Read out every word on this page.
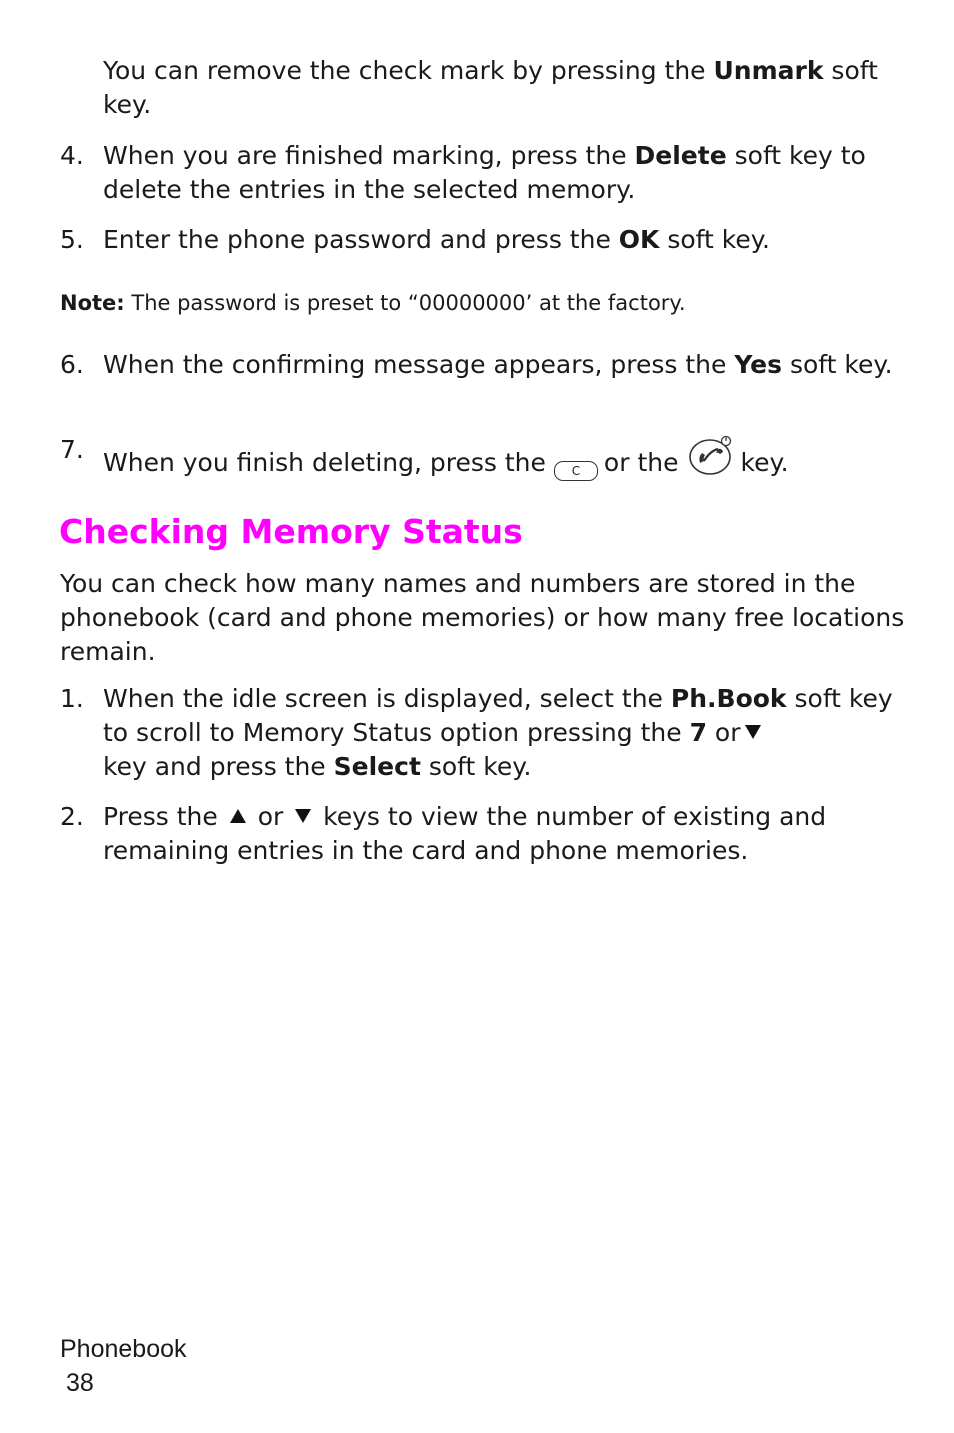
You can remove the check mark by pressing the Unmark soft key.

4. When you are finished marking, press the Delete soft key to delete the entries in the selected memory.
5. Enter the phone password and press the OK soft key.
Note: The password is preset to “00000000’ at the factory.
6. When the confirming message appears, press the Yes soft key.
7. When you finish deleting, press the C or the key.
Checking Memory Status

You can check how many names and numbers are stored in the phonebook (card and phone memories) or how many free locations remain.

1. When the idle screen is displayed, select the Ph.Book soft key to scroll to Memory Status option pressing the 7 or
key and press the Select soft key.
2. Press the or keys to view the number of existing and remaining entries in the card and phone memories.
Phonebook
38
